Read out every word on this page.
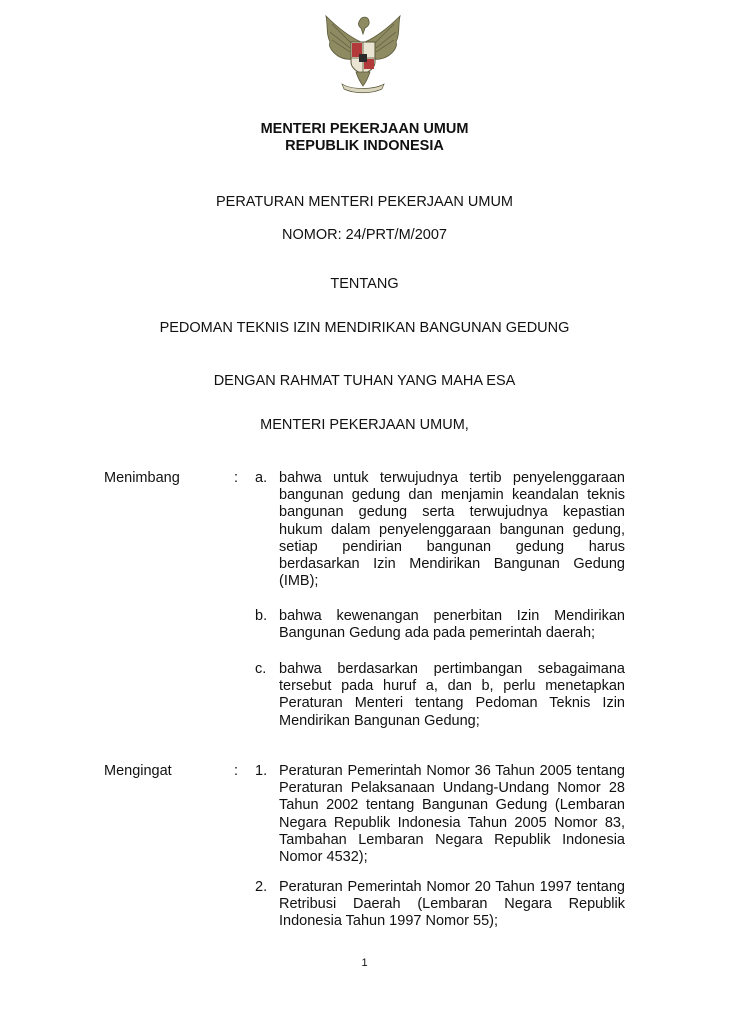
MENTERI PEKERJAAN UMUM
REPUBLIK INDONESIA
PERATURAN MENTERI PEKERJAAN UMUM
NOMOR: 24/PRT/M/2007
TENTANG
PEDOMAN TEKNIS IZIN MENDIRIKAN BANGUNAN GEDUNG
DENGAN RAHMAT TUHAN YANG MAHA ESA
MENTERI PEKERJAAN UMUM,
Menimbang	: a. bahwa untuk terwujudnya tertib penyelenggaraan bangunan gedung dan menjamin keandalan teknis bangunan gedung serta terwujudnya kepastian hukum dalam penyelenggaraan bangunan gedung, setiap pendirian bangunan gedung harus berdasarkan Izin Mendirikan Bangunan Gedung (IMB);
b. bahwa kewenangan penerbitan Izin Mendirikan Bangunan Gedung ada pada pemerintah daerah;
c. bahwa berdasarkan pertimbangan sebagaimana tersebut pada huruf a, dan b, perlu menetapkan Peraturan Menteri tentang Pedoman Teknis Izin Mendirikan Bangunan Gedung;
Mengingat	: 1. Peraturan Pemerintah Nomor 36 Tahun 2005 tentang Peraturan Pelaksanaan Undang-Undang Nomor 28 Tahun 2002 tentang Bangunan Gedung (Lembaran Negara Republik Indonesia Tahun 2005 Nomor 83, Tambahan Lembaran Negara Republik Indonesia Nomor 4532);
2. Peraturan Pemerintah Nomor 20 Tahun 1997 tentang Retribusi Daerah (Lembaran Negara Republik Indonesia Tahun 1997 Nomor 55);
1
